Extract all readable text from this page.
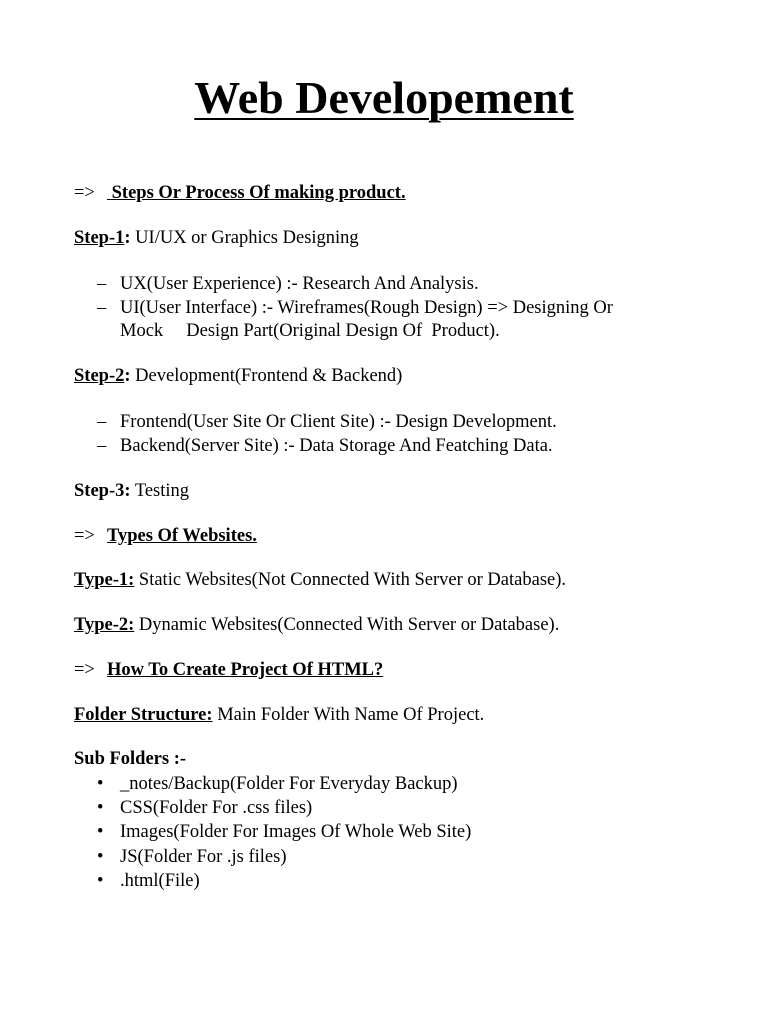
Web Developement
=> Steps Or Process Of making product.
Step-1: UI/UX or Graphics Designing
– UX(User Experience) :- Research And Analysis.
– UI(User Interface) :- Wireframes(Rough Design) => Designing Or
Mock     Design Part(Original Design Of  Product).
Step-2: Development(Frontend & Backend)
– Frontend(User Site Or Client Site) :- Design Development.
– Backend(Server Site) :- Data Storage And Featching Data.
Step-3: Testing
=> Types Of Websites.
Type-1: Static Websites(Not Connected With Server or Database).
Type-2: Dynamic Websites(Connected With Server or Database).
=> How To Create Project Of HTML?
Folder Structure: Main Folder With Name Of Project.
Sub Folders :-
• _notes/Backup(Folder For Everyday Backup)
• CSS(Folder For .css files)
• Images(Folder For Images Of Whole Web Site)
• JS(Folder For .js files)
• .html(File)
